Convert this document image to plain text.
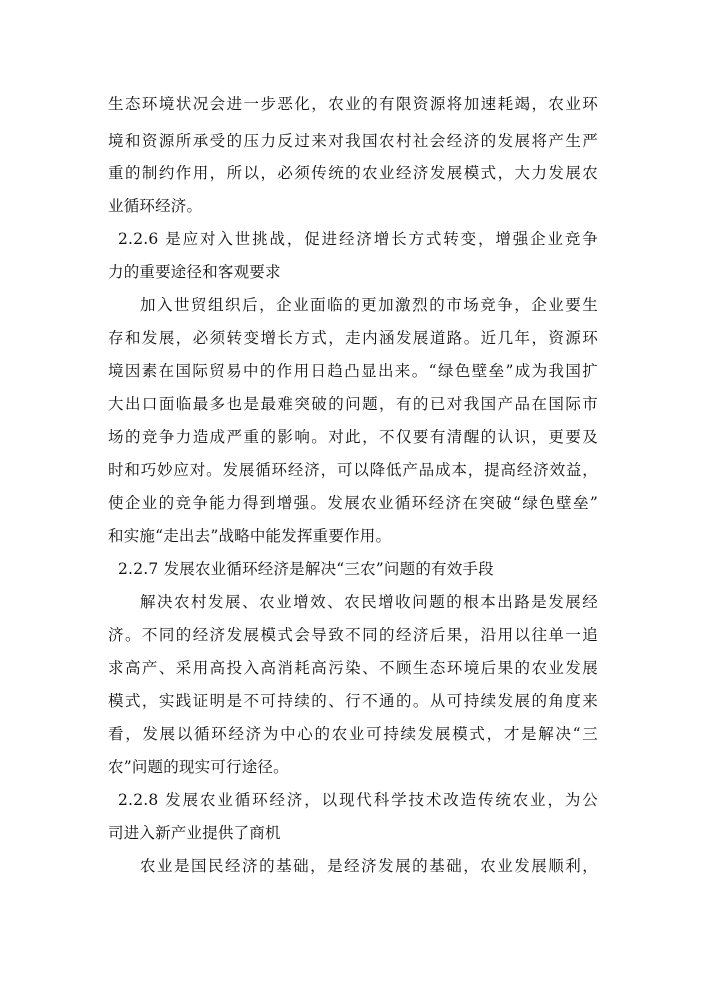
生态环境状况会进一步恶化，农业的有限资源将加速耗竭，农业环
境和资源所承受的压力反过来对我国农村社会经济的发展将产生严
重的制约作用，所以，必须传统的农业经济发展模式，大力发展农
业循环经济。
2.2.6 是应对入世挑战，促进经济增长方式转变，增强企业竞争
力的重要途径和客观要求
加入世贸组织后，企业面临的更加激烈的市场竞争，企业要生
存和发展，必须转变增长方式，走内涵发展道路。近几年，资源环
境因素在国际贸易中的作用日趋凸显出来。“绿色壁垒”成为我国扩
大出口面临最多也是最难突破的问题，有的已对我国产品在国际市
场的竞争力造成严重的影响。对此，不仅要有清醒的认识，更要及
时和巧妙应对。发展循环经济，可以降低产品成本，提高经济效益，
使企业的竞争能力得到增强。发展农业循环经济在突破“绿色壁垒”
和实施“走出去”战略中能发挥重要作用。
2.2.7 发展农业循环经济是解决“三农”问题的有效手段
解决农村发展、农业增效、农民增收问题的根本出路是发展经
济。不同的经济发展模式会导致不同的经济后果，沿用以往单一追
求高产、采用高投入高消耗高污染、不顾生态环境后果的农业发展
模式，实践证明是不可持续的、行不通的。从可持续发展的角度来
看，发展以循环经济为中心的农业可持续发展模式，才是解决“三
农”问题的现实可行途径。
2.2.8 发展农业循环经济，以现代科学技术改造传统农业，为公
司进入新产业提供了商机
农业是国民经济的基础，是经济发展的基础，农业发展顺利，
